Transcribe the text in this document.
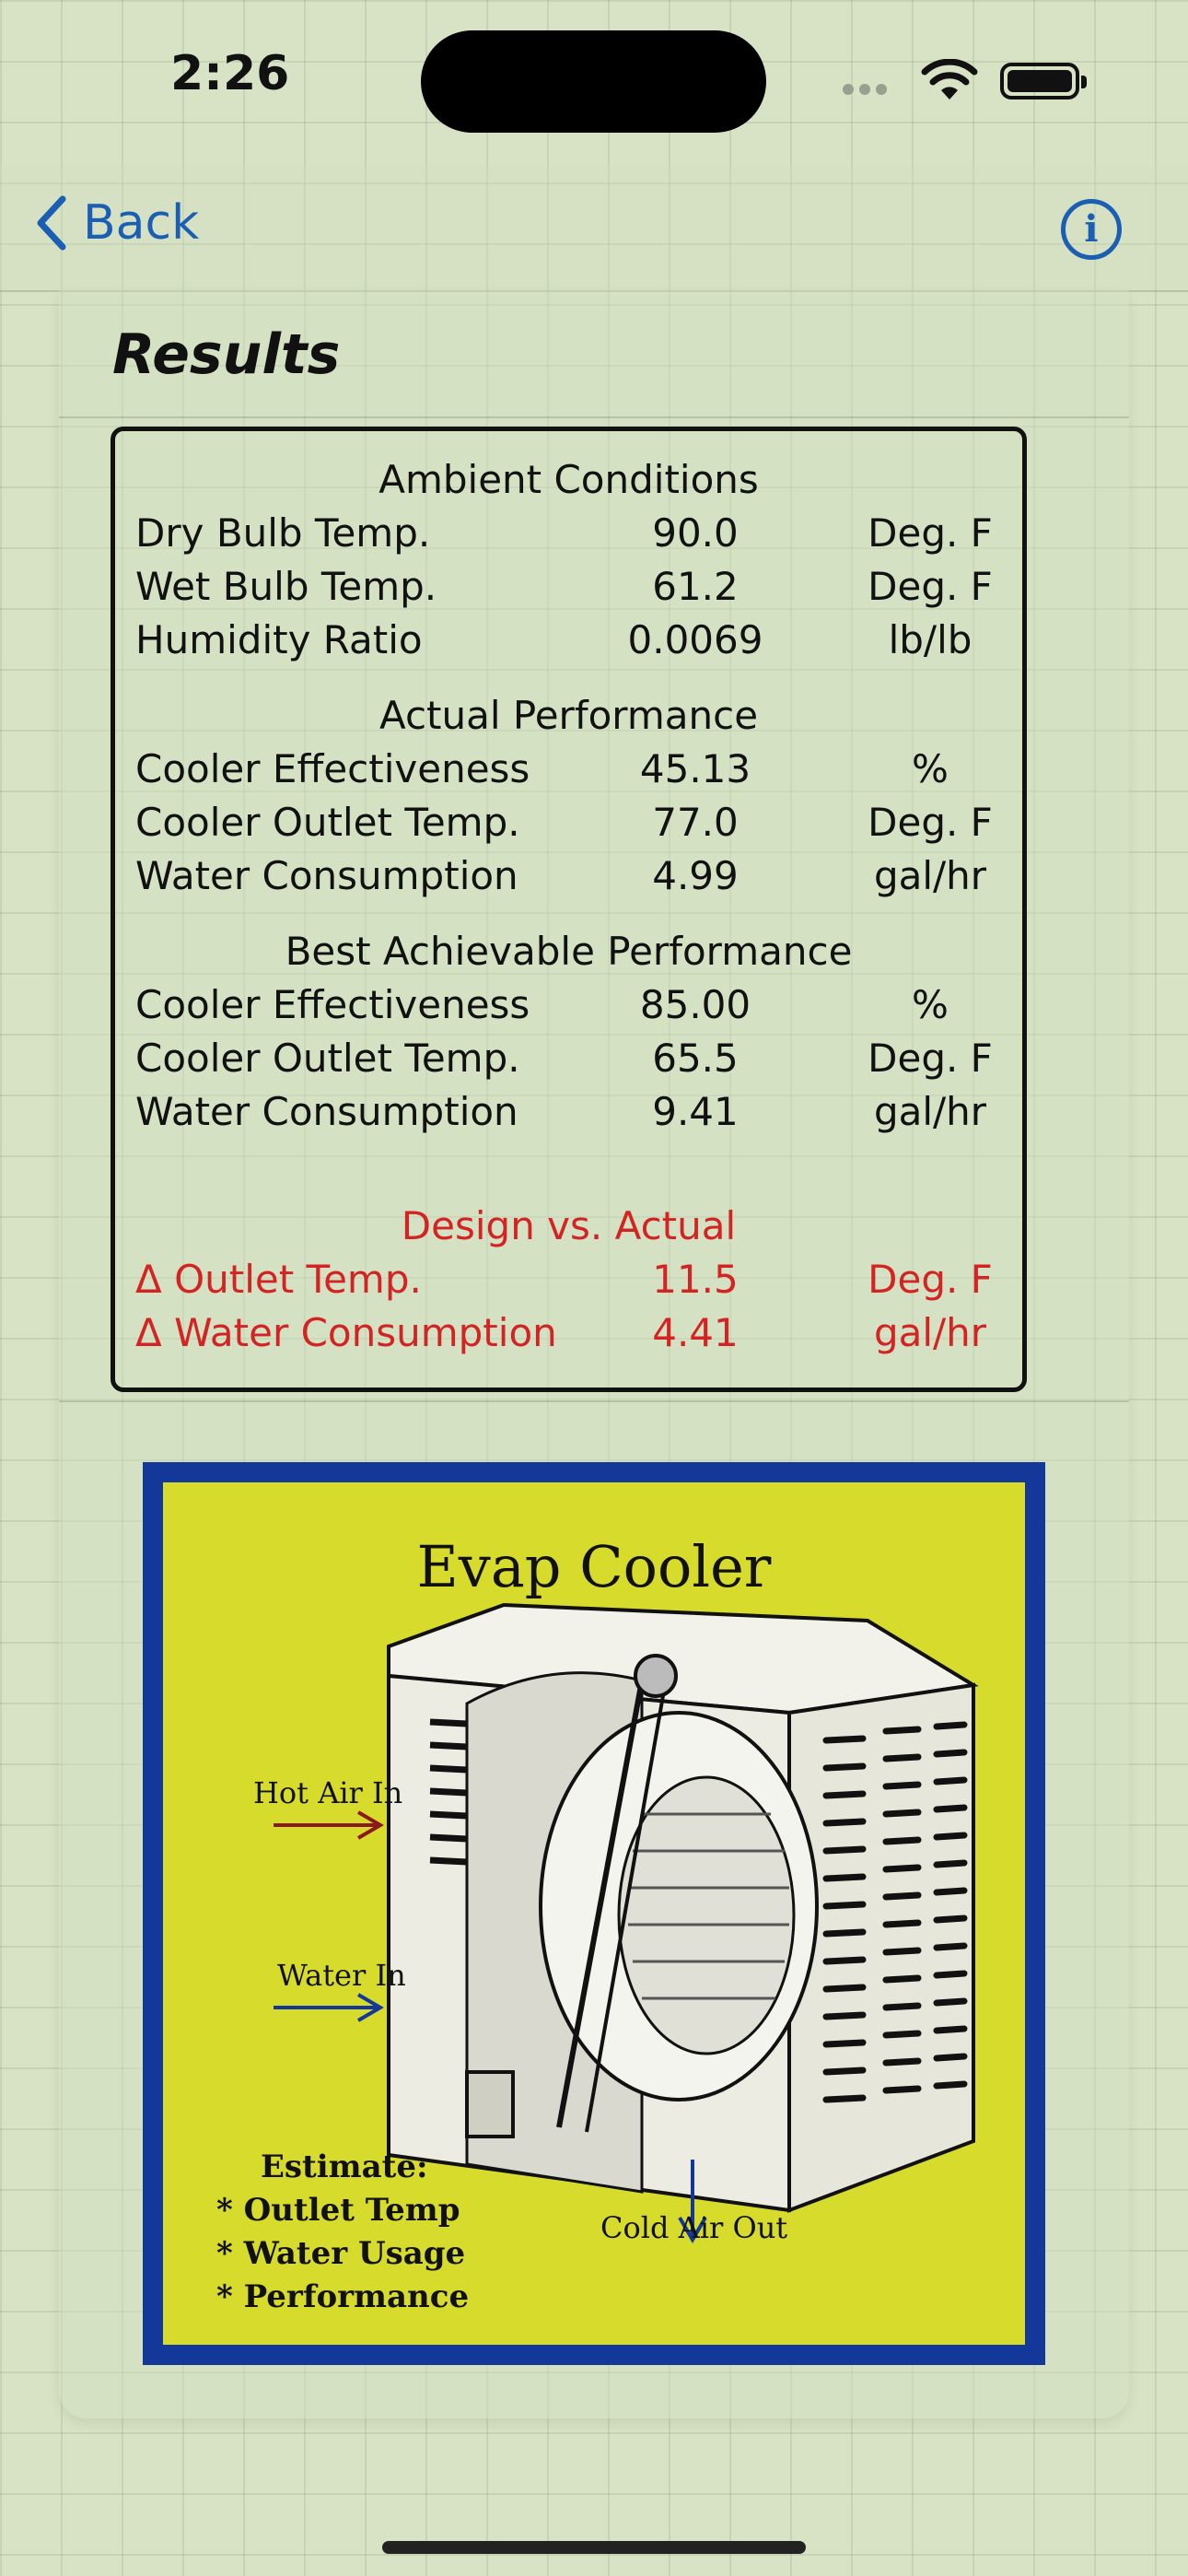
2:26
Back	i
Results
Ambient Conditions
Dry Bulb Temp.	90.0	Deg. F
Wet Bulb Temp.	61.2	Deg. F
Humidity Ratio	0.0069	lb/lb
Actual Performance
Cooler Effectiveness	45.13	%
Cooler Outlet Temp.	77.0	Deg. F
Water Consumption	4.99	gal/hr
Best Achievable Performance
Cooler Effectiveness	85.00	%
Cooler Outlet Temp.	65.5	Deg. F
Water Consumption	9.41	gal/hr
Design vs. Actual
Δ Outlet Temp.	11.5	Deg. F
Δ Water Consumption	4.41	gal/hr
Evap Cooler
Hot Air In
Water In
Cold Air Out
Estimate:
* Outlet Temp
* Water Usage
* Performance
